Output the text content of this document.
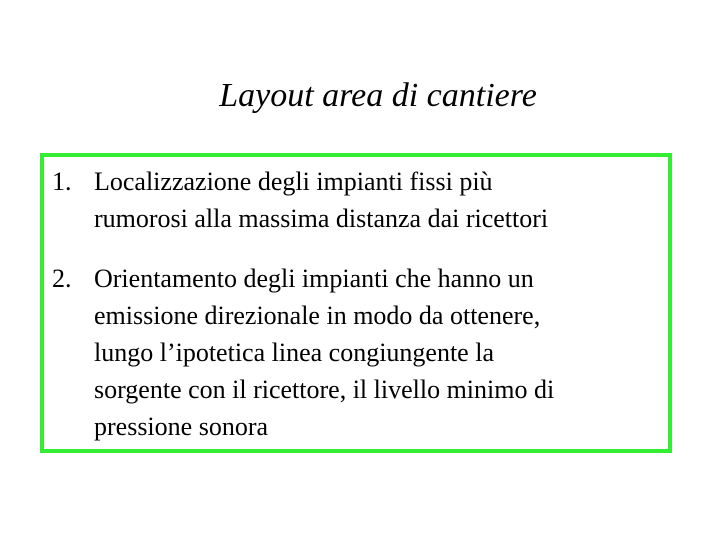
Layout area di cantiere
1. Localizzazione degli impianti fissi più
rumorosi alla massima distanza dai ricettori
2. Orientamento degli impianti che hanno un
emissione direzionale in modo da ottenere,
lungo l’ipotetica linea congiungente la
sorgente con il ricettore, il livello minimo di
pressione sonora
